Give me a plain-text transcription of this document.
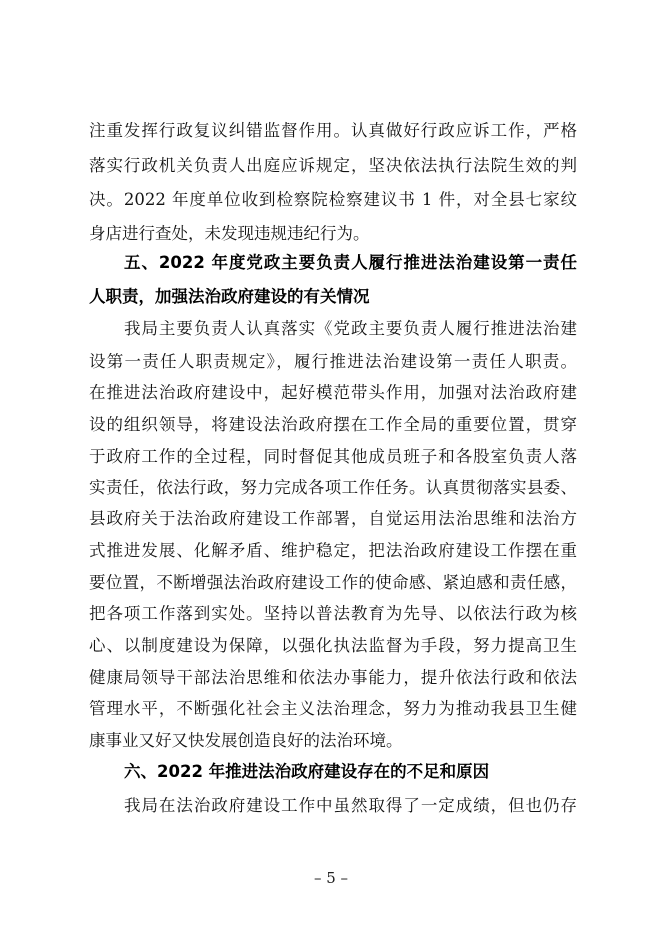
注重发挥行政复议纠错监督作用。认真做好行政应诉工作，严格
落实行政机关负责人出庭应诉规定，坚决依法执行法院生效的判
决。2022 年度单位收到检察院检察建议书 1 件，对全县七家纹
身店进行查处，未发现违规违纪行为。
五、2022 年度党政主要负责人履行推进法治建设第一责任
人职责，加强法治政府建设的有关情况
我局主要负责人认真落实《党政主要负责人履行推进法治建
设第一责任人职责规定》，履行推进法治建设第一责任人职责。
在推进法治政府建设中，起好模范带头作用，加强对法治政府建
设的组织领导，将建设法治政府摆在工作全局的重要位置，贯穿
于政府工作的全过程，同时督促其他成员班子和各股室负责人落
实责任，依法行政，努力完成各项工作任务。认真贯彻落实县委、
县政府关于法治政府建设工作部署，自觉运用法治思维和法治方
式推进发展、化解矛盾、维护稳定，把法治政府建设工作摆在重
要位置，不断增强法治政府建设工作的使命感、紧迫感和责任感，
把各项工作落到实处。坚持以普法教育为先导、以依法行政为核
心、以制度建设为保障，以强化执法监督为手段，努力提高卫生
健康局领导干部法治思维和依法办事能力，提升依法行政和依法
管理水平，不断强化社会主义法治理念，努力为推动我县卫生健
康事业又好又快发展创造良好的法治环境。
六、2022 年推进法治政府建设存在的不足和原因
我局在法治政府建设工作中虽然取得了一定成绩，但也仍存
– 5 –
